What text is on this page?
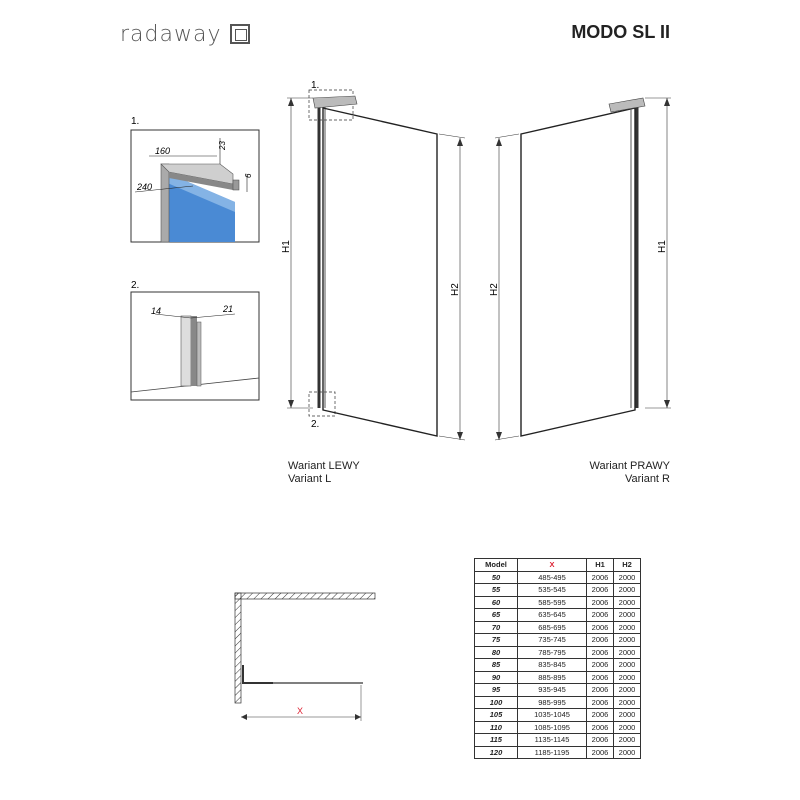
radaway	MODO SL II
1.
160
23
240
6
2.
14	21
1.
2.
H1
H2	H2
H1
Wariant LEWY
Variant L
Wariant PRAWY
Variant R
X
Model	X	H1	H2
50	485-495	2006	2000
55	535-545	2006	2000
60	585-595	2006	2000
65	635-645	2006	2000
70	685-695	2006	2000
75	735-745	2006	2000
80	785-795	2006	2000
85	835-845	2006	2000
90	885-895	2006	2000
95	935-945	2006	2000
100	985-995	2006	2000
105	1035-1045	2006	2000
110	1085-1095	2006	2000
115	1135-1145	2006	2000
120	1185-1195	2006	2000
